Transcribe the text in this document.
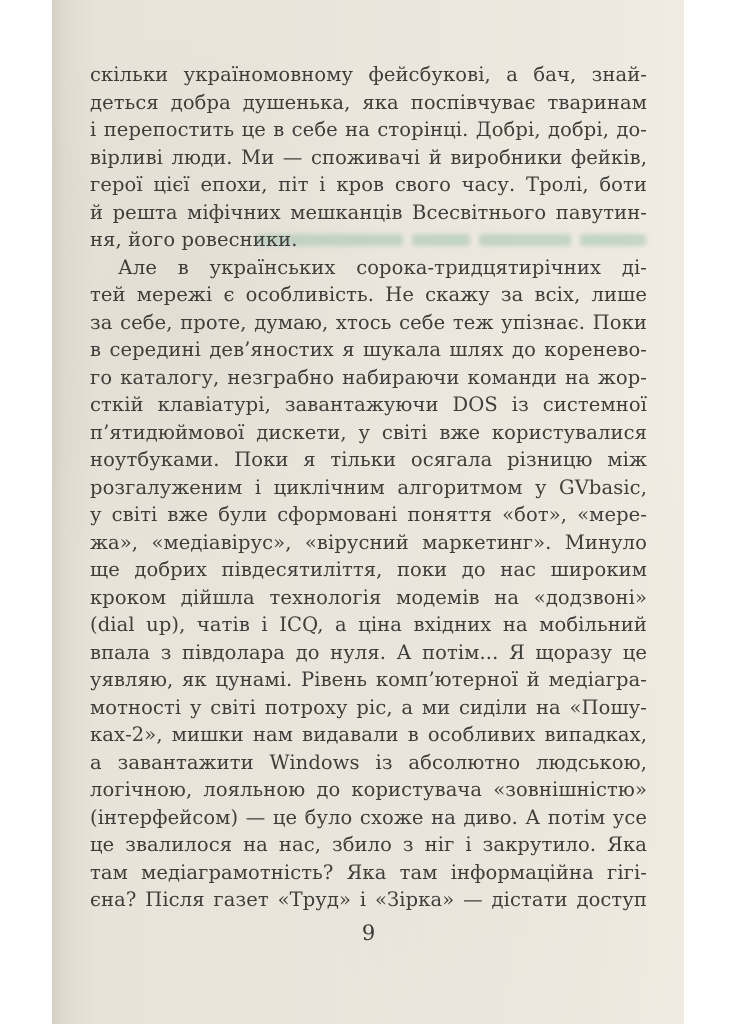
скільки україномовному фейсбукові, а бач, знай-
деться добра душенька, яка поспівчуває тваринам
і перепостить це в себе на сторінці. Добрі, добрі, до-
вірливі люди. Ми — споживачі й виробники фейків,
герої цієї епохи, піт і кров свого часу. Тролі, боти
й решта міфічних мешканців Всесвітнього павутин-
ня, його ровесники.
Але в українських сорока-тридцятирічних ді-
тей мережі є особливість. Не скажу за всіх, лише
за себе, проте, думаю, хтось себе теж упізнає. Поки
в середині дев’яностих я шукала шлях до коренево-
го каталогу, незграбно набираючи команди на жор-
сткій клавіатурі, завантажуючи DOS із системної
п’ятидюймової дискети, у світі вже користувалися
ноутбуками. Поки я тільки осягала різницю між
розгалуженим і циклічним алгоритмом у GVbasic,
у світі вже були сформовані поняття «бот», «мере-
жа», «медіавірус», «вірусний маркетинг». Минуло
ще добрих півдесятиліття, поки до нас широким
кроком дійшла технологія модемів на «додзвоні»
(dial up), чатів і ICQ, а ціна вхідних на мобільний
впала з півдолара до нуля. А потім... Я щоразу це
уявляю, як цунамі. Рівень комп’ютерної й медіагра-
мотності у світі потроху ріс, а ми сиділи на «Пошу-
ках-2», мишки нам видавали в особливих випадках,
а завантажити Windows із абсолютно людською,
логічною, лояльною до користувача «зовнішністю»
(інтерфейсом) — це було схоже на диво. А потім усе
це звалилося на нас, збило з ніг і закрутило. Яка
там медіаграмотність? Яка там інформаційна гігі-
єна? Після газет «Труд» і «Зірка» — дістати доступ
9
